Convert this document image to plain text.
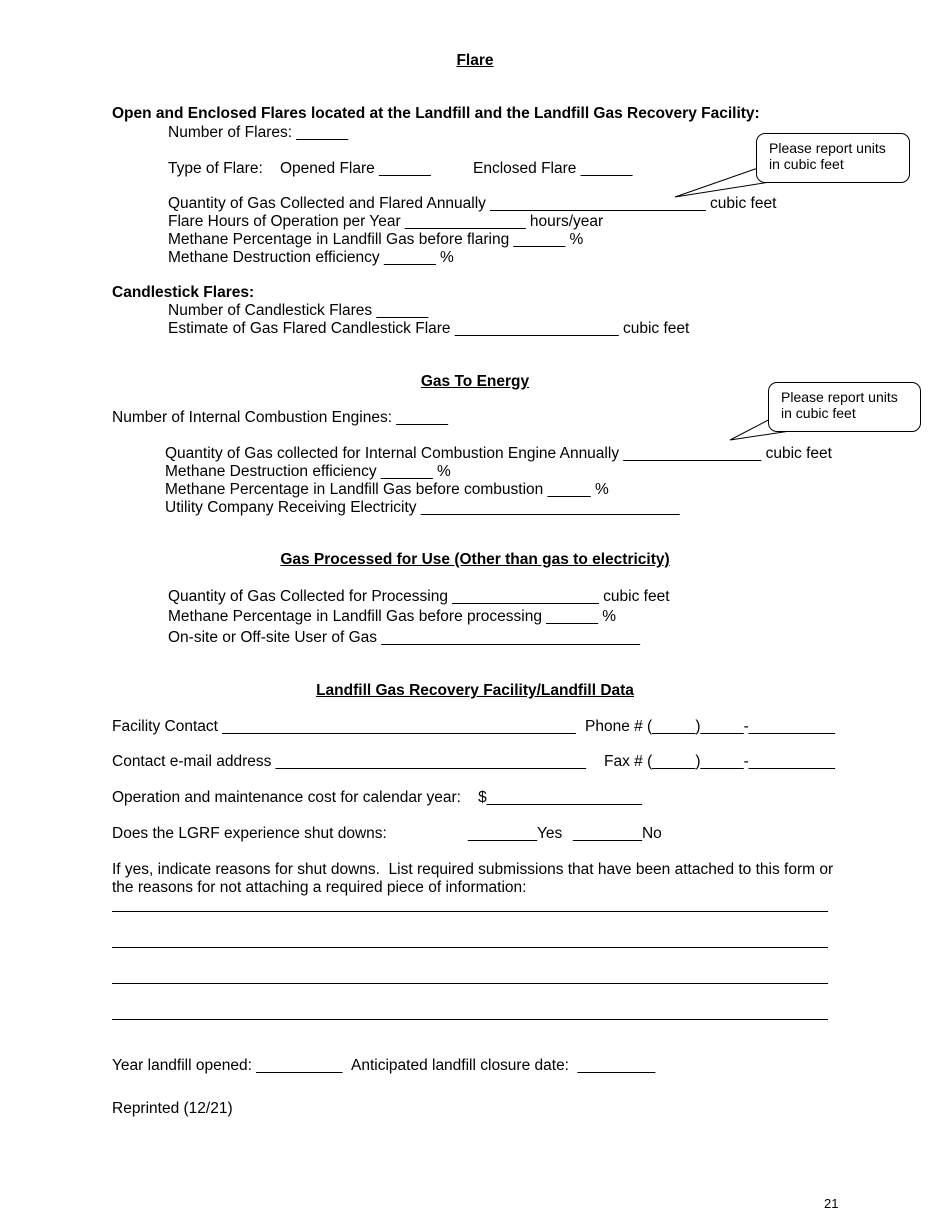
Flare
Open and Enclosed Flares located at the Landfill and the Landfill Gas Recovery Facility:
Number of Flares: ______
Type of Flare: Opened Flare ______	Enclosed Flare ______
Quantity of Gas Collected and Flared Annually _________________________ cubic feet
Flare Hours of Operation per Year ______________ hours/year
Methane Percentage in Landfill Gas before flaring ______ %
Methane Destruction efficiency ______ %
Please report units
in cubic feet
Candlestick Flares:
Number of Candlestick Flares ______
Estimate of Gas Flared Candlestick Flare ___________________ cubic feet
Gas To Energy
Number of Internal Combustion Engines: ______
Please report units
in cubic feet
Quantity of Gas collected for Internal Combustion Engine Annually ________________ cubic feet
Methane Destruction efficiency ______ %
Methane Percentage in Landfill Gas before combustion _____ %
Utility Company Receiving Electricity ______________________________
Gas Processed for Use (Other than gas to electricity)
Quantity of Gas Collected for Processing _________________ cubic feet
Methane Percentage in Landfill Gas before processing ______ %
On-site or Off-site User of Gas ______________________________
Landfill Gas Recovery Facility/Landfill Data
Facility Contact _________________________________________ Phone # (_____)_____-__________
Contact e-mail address ____________________________________ Fax # (_____)_____-__________
Operation and maintenance cost for calendar year:    $__________________
Does the LGRF experience shut downs:	________Yes ________No
If yes, indicate reasons for shut downs.  List required submissions that have been attached to this form or
the reasons for not attaching a required piece of information:
Year landfill opened: __________ Anticipated landfill closure date:  _________
Reprinted (12/21)
21
